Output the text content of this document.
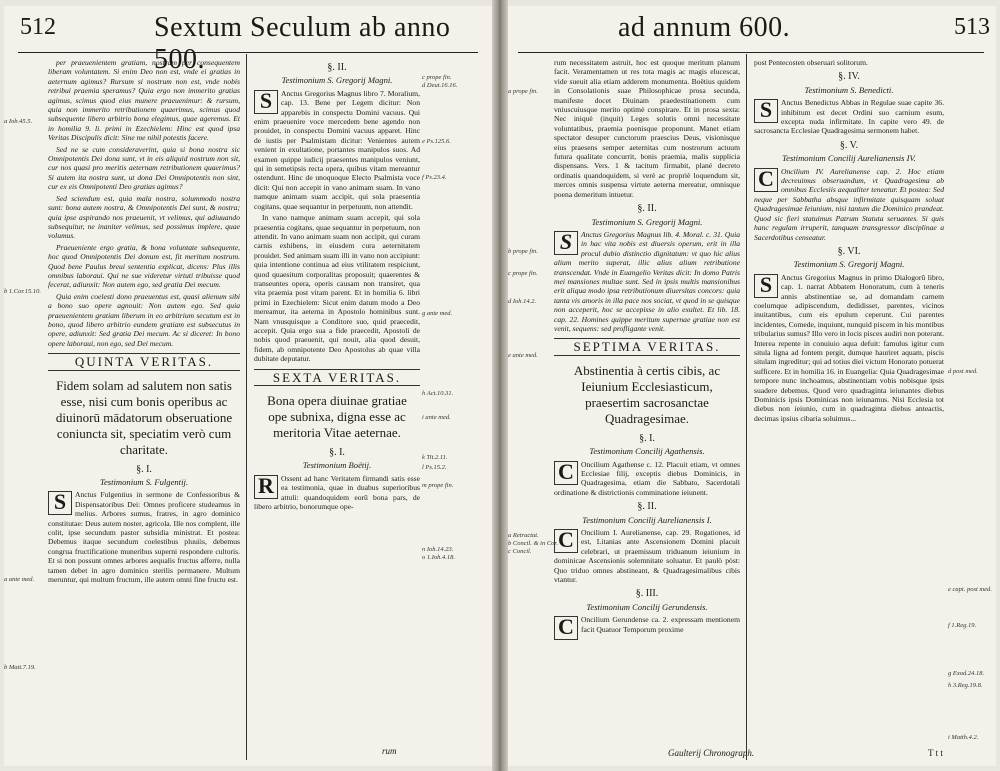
512	Sextum Seculum ab anno 500.
a Iob.45.5.
b 1.Cor.15.10.
a ante med.
b Matt.7.19.
c prope fin.
d Deut.16.16.
e Ps.125.6.
f Ps.23.4.
g ante med.
h Act.10.31.
i ante med.
k Tit.2.11.
l Ps.15.2.
m prope fin.
n Ioh.14.23.
o 1.Ioh.4.18.

per praeuenientem gratiam, nostram per consequentem liberam voluntatem. Si enim Deo non est, vnde ei gratias in aeternum agimus? Rursum si nostrum non est, vnde nobis retribui praemia speramus? Quia ergo non immerito gratias agimus, scimus quod eius munere praeuenimur: & rursum, quia non immerito retributionem quaerimus, scimus quod subsequente libero arbitrio bona elegimus, quae ageremus. Et in homilia 9. li. primi in Ezechielem: Hinc est quod ipsa Veritas Discipulis dicit: Sine me nihil potestis facere.

Sed ne se cum consideraverint, quia si bona nostra sic Omnipotentis Dei dona sunt, vt in eis aliquid nostrum non sit, cur nos quasi pro meritis aeternam retributionem quaerimus? Si autem ita nostra sunt, ut dona Dei Omnipotentis non sint, cur ex eis Omnipotenti Deo gratias agimus?

Sed sciendum est, quia mala nostra, solummodo nostra sunt: bona autem nostra, & Omnipotentis Dei sunt, & nostra; quia ipse aspirando nos praeuenit, vt velimus, qui adiuuando subsequitur, ne inaniter velimus, sed possimus implere, quae volumus.

Praeueniente ergo gratia, & bona voluntate subsequente, hoc quod Omnipotentis Dei donum est, fit meritum nostrum. Quod bene Paulus breui sententia explicat, dicens: Plus illis omnibus laboraui. Qui ne sue videretur virtuti tribuisse quod fecerat, adiunxit: Non autem ego, sed gratia Dei mecum.

Quia enim coelesti dono praeuentus est, quasi alienum sibi a bono suo opere agnouit: Non autem ego. Sed quia praeuenientem gratiam liberum in eo arbitrium secutum est in bono, quod libero arbitrio eundem gratiam est subsecutus in opere, adiunxit: Sed gratia Dei mecum. Ac si diceret: In bono opere laboraui, non ego, sed Dei mecum.

QUINTA VERITAS.
Fidem solam ad salutem non satis esse, nisi cum bonis operibus ac diuinorū mādatorum obseruatione coniuncta sit, speciatim verò cum charitate.
§. I.
Testimonium S. Fulgentij.

S	Anctus Fulgentius in sermone de Confessoribus & Dispensatoribus Dei: Omnes proficere studeamus in melius. Arbores sumus, fratres, in agro dominico constitutae: Deus autem noster, agricola. Ille nos complent, ille colit, ipse secundum pastor subsidia ministrat. Et postea: Debemus itaque secundum coelestibus pluuiis, debemus congrua fructificatione muneribus superni respondere cultoris. Et si non possunt omnes arbores aequalis fructus afferre, nulla tamen debet in agro dominico sterilis permanere. Multum meruntur, qui multum fructum, ille autem omni fine fructu est.

§. II.
Testimonium S. Gregorij Magni.

S	Anctus Gregorius Magnus libro 7. Moralium, cap. 13. Bene per Legem dicitur: Non apparebis in conspectu Domini vacuus. Qui enim praeuenire voce mercedem bene agendo non prouidet, in conspectu Domini vacuus apparet. Hinc de iustis per Psalmistam dicitur: Venientes autem venient in exultatione, portantes manipulos suos. Ad examen quippe iudicij praesentes manipulos veniunt, qui in semetipsis recta opera, quibus vitam mereantur ostendunt. Hinc de unoquoque Electo Psalmista voce dicit: Qui non accepit in vano animam suam. In vano namque animam suam accipit, qui sola praesentia cogitans, quae sequantur in perpetuum, non attendit.

In vano namque animam suam accepit, qui sola praesentia cogitans, quae sequantur in perpetuum, non attendit. In vano animam suam non accipit, qui curam carnis exhibens, in eiusdem cura aeternitatem prouidet. Sed animam suam illi in vano non accipiunt: quia intentione continua ad eius vtilitatem respiciunt, quod quaesitum corporalitas proposuit; quaerentes & transeuntes opera, operis causam non transiret, qua vita praemia post vitam parent. Et in homilia 6. libri primi in Ezechielem: Sicut enim datum modo a Deo mereamur, ita aeterna in Apostolo hominibus sunt. Nam vnusquisque a Conditore suo, quid praecedit, accepit. Quia ergo sua a fide praecedit, Apostoli de nobis quod praeuenit, qui nouit, alia quod desuit, fidem, ab omnipotente Deo Apostolus ab quae villa dubitate deputatur.

SEXTA VERITAS.
Bona opera diuinae gratiae ope subnixa, digna esse ac meritoria Vitae aeternae.
§. I.
Testimonium Boëtij.

R Ossent ad hanc Veritatem firmandi satis esse ea testimonia, quae in duabus superioribus attuli: quandoquidem eorū bona pars, de libero arbitrio, bonorumque ope-

rum
ad annum 600.	513
a prope fin.
b prope fin.
c prope fin.
d Ioh.14.2.
e ante med.
a Retractat.
b Concil. & in Cor.
c Concil.
d post med.
e capt. post med.
f 1.Reg.19.
g Exod.24.18.
h 3.Reg.19.8.
i Matth.4.2.

rum necessitatem astruit, hoc est quoque meritum planum facit. Veramentamen ut res tota magis ac magis elucescat, vide sueuit alia etiam adderem monumenta. Boëtius quidem in Consolationis suae Philosophicae prosa secunda, manifeste docet Diuinam praedestinationem cum vniuscuiusque merito optimè conspirare. Et in prosa sexta: Nec iniquè (inquit) Leges solutis omni necessitate voluntatibus, praemia poenisque proponunt. Manet etiam spectator desuper cunctorum praescius Deus, visionisque eius praesens semper aeternitas cum nostrorum actuum futura qualitate concurrit, bonis praemia, malis supplicia dispensans. Vers. 1 & tacitum firmabit, plané decreto ordinatis quandoquidem, si verè ac propriè loquendum sit, merces omnis suspensa virtute aeterna mereatur, omnisque poena demeritum intuetur.

§. II.
Testimonium S. Gregorij Magni.

S	Anctus Gregorius Magnus lib. 4. Moral. c. 31. Quia in hac vita nobis est diuersis operum, erit in illa procul dubio distinctio dignitatum: vt quo hic alius alium merito superat, illic alius alium retributione transcendat. Vnde in Euangelio Veritas dicit: In domo Patris mei mansiones multae sunt. Sed in ipsis multis mansionibus erit aliqua modo ipsa retributionum diuersitas concors: quia tanta vis amoris in illa pace nos sociat, vt quod in se quisque non acceperit, hoc se accepisse in alio exultet. Et lib. 18. cap. 22. Homines quippe meritum supernae gratiae non est venit, sequens: sed profligante venit.

SEPTIMA VERITAS.
Abstinentia à certis cibis, ac Ieiunium Ecclesiasticum, praesertim sacrosanctae Quadragesimae.
§. I.
Testimonium Concilij Agathensis.

C Oncilium Agathense c. 12. Placuit etiam, vt omnes Ecclesiae filij, exceptis diebus Dominicis, in Quadragesima, etiam die Sabbato, Sacerdotali ordinatione & districtionis comminatione ieiunent.

§. II.
Testimonium Concilij Aurelianensis I.

C Oncilium I. Aurelianense, cap. 29. Rogationes, id est, Litanias ante Ascensionem Domini placuit celebrari, ut praemissum triduanum ieiunium in dominicae Ascensionis solemnitate soluatur. Et paulò pòst: Quo triduo omnes abstineant, & Quadragesimalibus cibis vtantur.

§. III.
Testimonium Concilij Gerundensis.

C Oncilium Gerundense ca. 2. expressam mentionem facit Quatuor Temporum proxime

post Pentecosten obseruari solitorum.

§. IV.
Testimonium S. Benedicti.

S	Anctus Benedictus Abbas in Regulae suae capite 36. inhibitum est decet Ordini suo carnium esum, excepta nuda infirmitate. In capite vero 49. de sacrosancta Ecclesiae Quadragesima sermonem habet.

§. V.
Testimonium Concilij Aurelianensis IV.

C Oncilium IV. Aurelianense cap. 2. Hoc etiam decreuimus obseruandum, vt Quadragesima ab omnibus Ecclesiis aequaliter teneatur. Et postea: Sed neque per Sabbatha absque infirmitate quisquam soluat Quadragesimae Ieiunium, nisi tantum die Dominico prandeat. Quod sic fieri statuimus Patrum Statuta seruantes. Si quis hanc regulam irruperit, tanquam transgressor disciplinae a Sacerdotibus censeatur.

§. VI.
Testimonium S. Gregorij Magni.

S	Anctus Gregorius Magnus in primo Dialogorū libro, cap. 1. narrat Abbatem Honoratum, cum à teneris annis abstinentiae se, ad domandam carnem coelumque adipiscendum, dedidisset, parentes, vicinos inuitantibus, cum eis epulum ceperunt. Cui parentes incidentes, Comede, inquiunt, nunquid piscem in his montibus tribularius sumus? Illo vero in locis pisces audiri non poterant. Interea repente in conuiuio aqua defuit: famulus igitur cum situla ligna ad fontem pergit, dumque hauriret aquam, piscis situlam ingreditur; qui ad totius diei victum Honorato potuerat sufficere. Et in homilia 16. in Euangelia: Quia Quadragesimae tempore nunc inchoamus, abstinentiam vobis nobisque ipsis suadere debemus. Quod vero quadraginta ieiunantes diebus Dominicis ipsis Dominicas non ieiunamus. Nisi Ecclesia tot diebus non ieiunio, cum in quadraginta diebus anteactis, decimas ipsius cibaria soluimus...

Gaulterij Chronograph.	T t t
